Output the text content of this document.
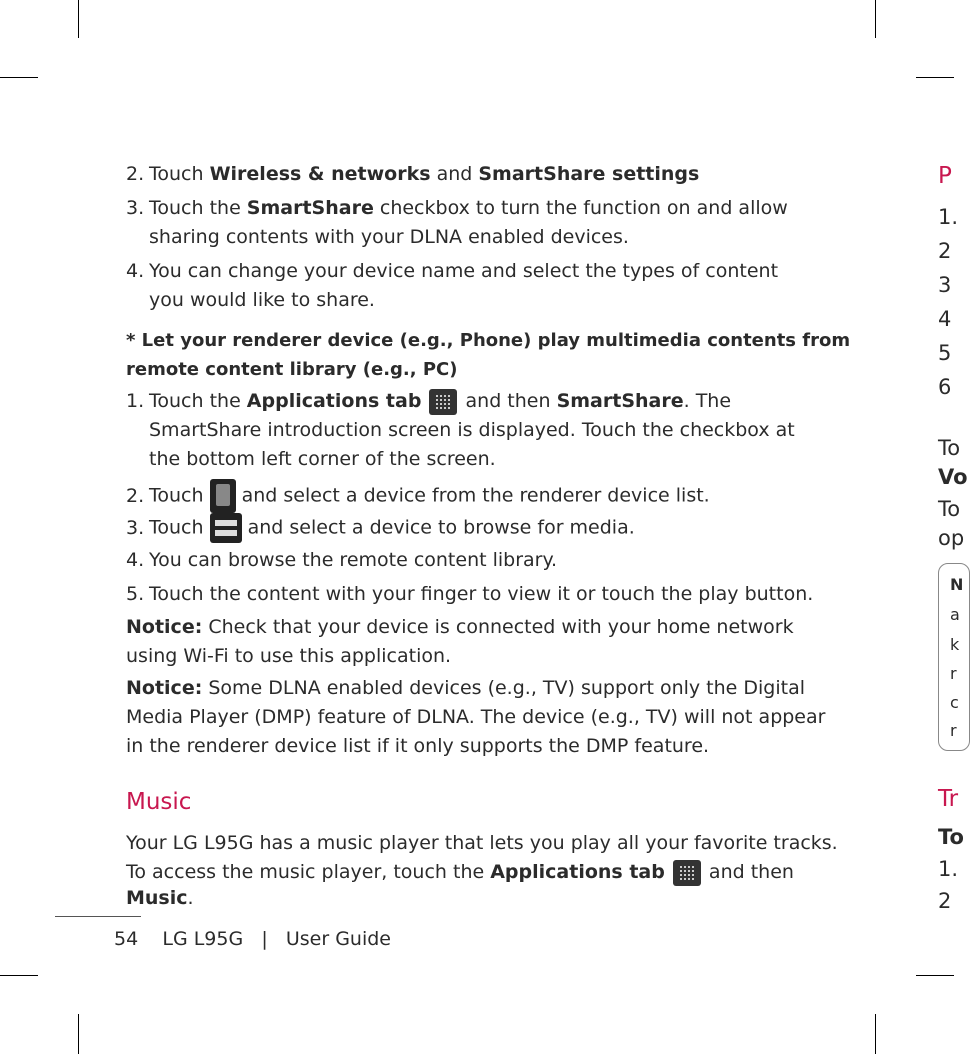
2. Touch Wireless & networks and SmartShare settings
3. Touch the SmartShare checkbox to turn the function on and allow
sharing contents with your DLNA enabled devices.
4. You can change your device name and select the types of content
you would like to share.
* Let your renderer device (e.g., Phone) play multimedia contents from
remote content library (e.g., PC)
1. Touch the Applications tab  and then SmartShare. The
SmartShare introduction screen is displayed. Touch the checkbox at
the bottom left corner of the screen.
2. Touch  and select a device from the renderer device list.
3. Touch  and select a device to browse for media.
4. You can browse the remote content library.
5. Touch the content with your finger to view it or touch the play button.
Notice: Check that your device is connected with your home network
using Wi-Fi to use this application.
Notice: Some DLNA enabled devices (e.g., TV) support only the Digital
Media Player (DMP) feature of DLNA. The device (e.g., TV) will not appear
in the renderer device list if it only supports the DMP feature.
Music
Your LG L95G has a music player that lets you play all your favorite tracks.
To access the music player, touch the Applications tab  and then
Music.
54 LG L95G | User Guide
P
1.
2
3
4
5
6
To
Vo
To
op
N
a
k
r
c
r
Tr
To
1.
2
